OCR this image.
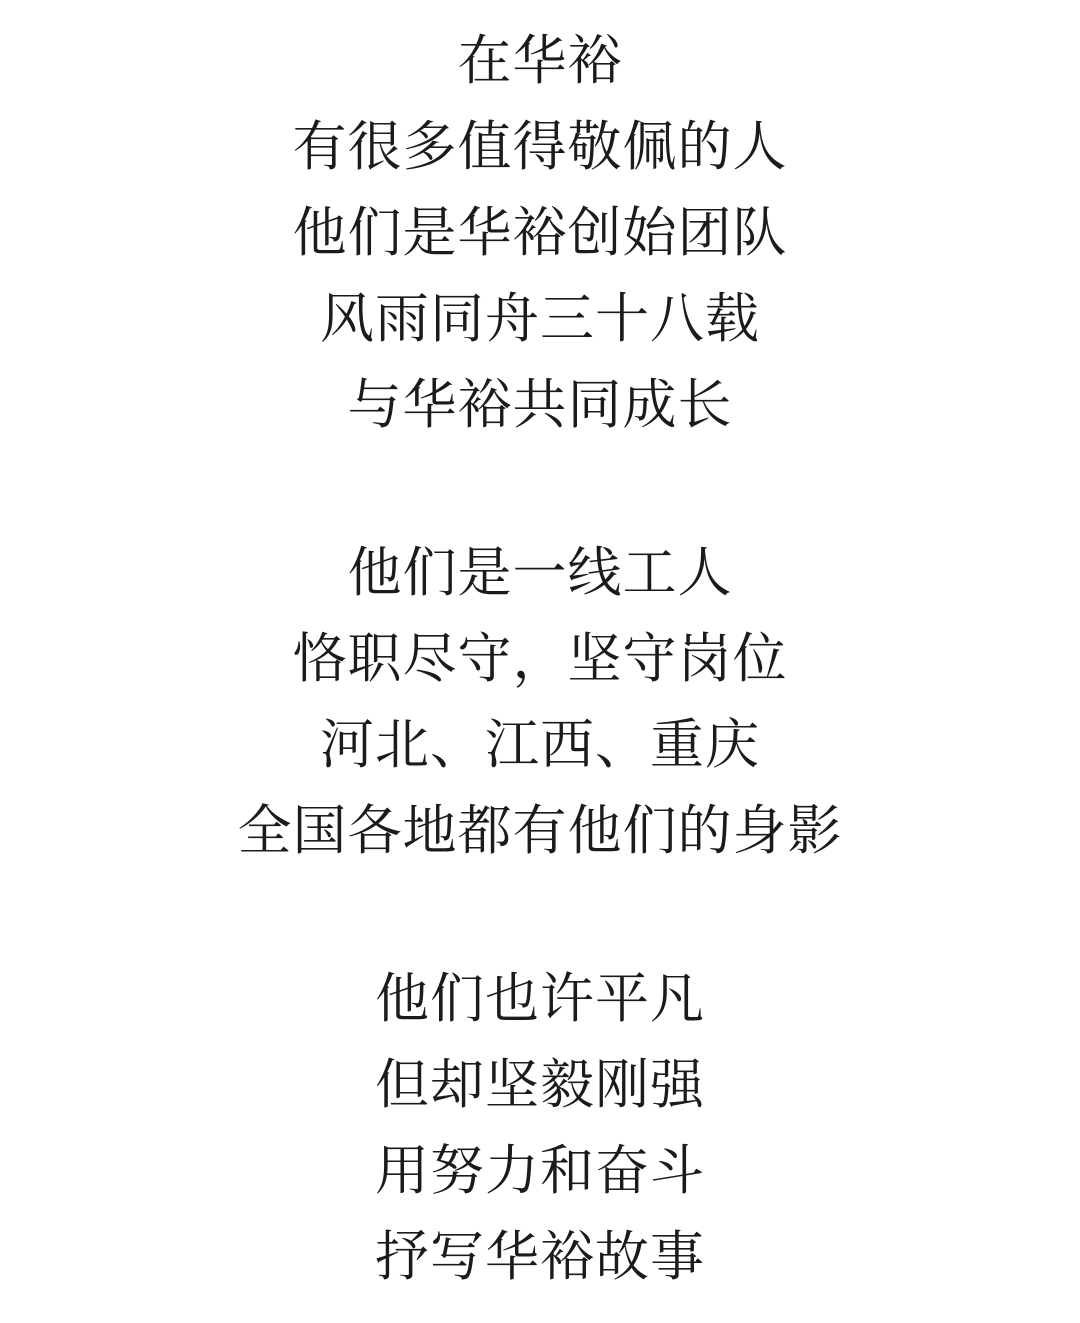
在华裕
有很多值得敬佩的人
他们是华裕创始团队
风雨同舟三十八载
与华裕共同成长
他们是一线工人
恪职尽守，坚守岗位
河北、江西、重庆
全国各地都有他们的身影
他们也许平凡
但却坚毅刚强
用努力和奋斗
抒写华裕故事
